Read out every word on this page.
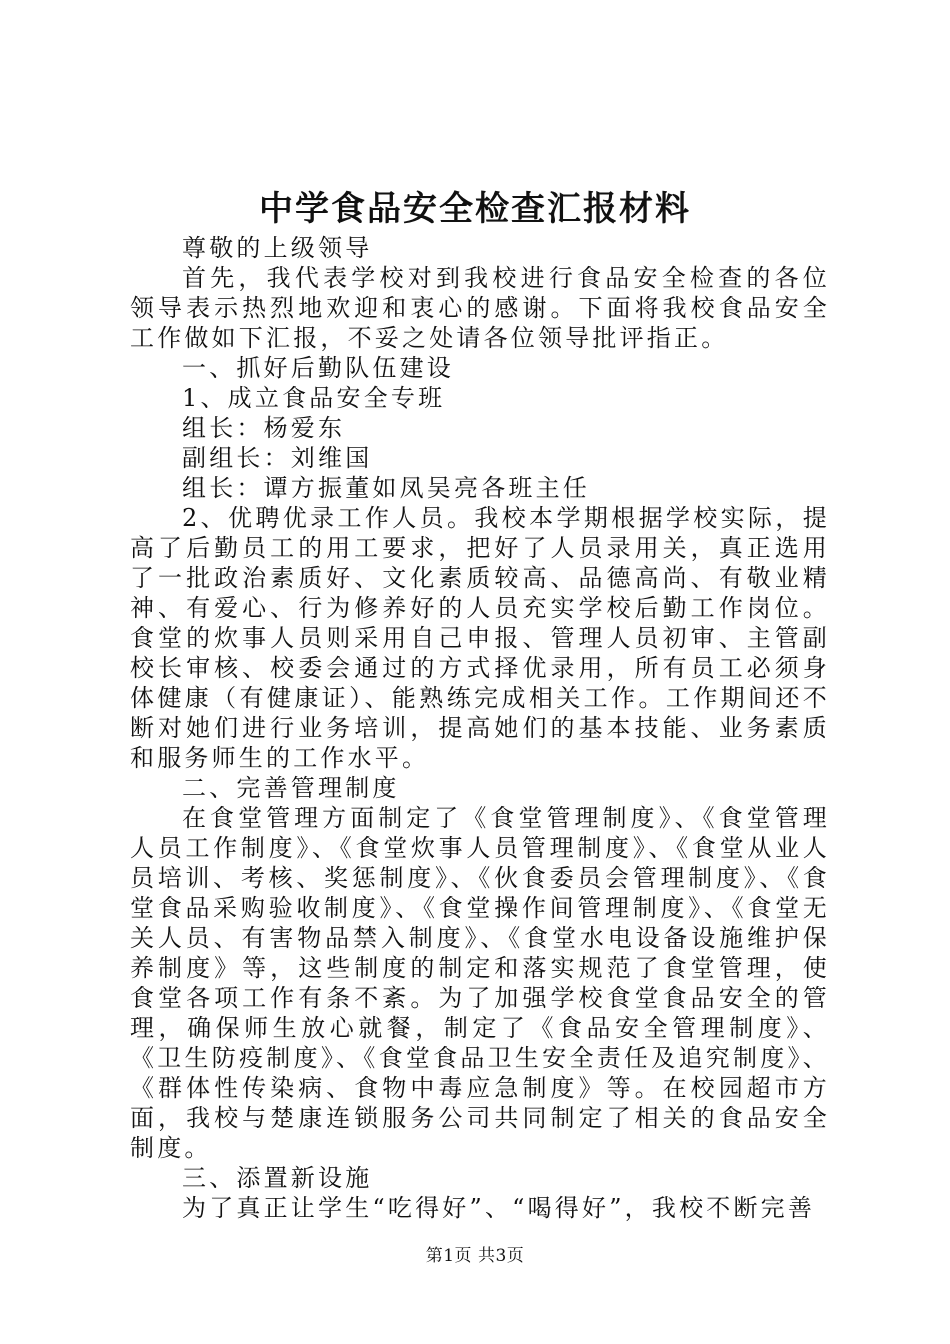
中学食品安全检查汇报材料

尊敬的上级领导

首先，我代表学校对到我校进行食品安全检查的各位领导表示热烈地欢迎和衷心的感谢。下面将我校食品安全工作做如下汇报，不妥之处请各位领导批评指正。

一、抓好后勤队伍建设

1、成立食品安全专班

组长：杨爱东

副组长：刘维国

组长：谭方振董如凤吴亮各班主任

2、优聘优录工作人员。我校本学期根据学校实际，提高了后勤员工的用工要求，把好了人员录用关，真正选用了一批政治素质好、文化素质较高、品德高尚、有敬业精神、有爱心、行为修养好的人员充实学校后勤工作岗位。食堂的炊事人员则采用自己申报、管理人员初审、主管副校长审核、校委会通过的方式择优录用，所有员工必须身体健康（有健康证）、能熟练完成相关工作。工作期间还不断对她们进行业务培训，提高她们的基本技能、业务素质和服务师生的工作水平。

二、完善管理制度

在食堂管理方面制定了《食堂管理制度》、《食堂管理人员工作制度》、《食堂炊事人员管理制度》、《食堂从业人员培训、考核、奖惩制度》、《伙食委员会管理制度》、《食堂食品采购验收制度》、《食堂操作间管理制度》、《食堂无关人员、有害物品禁入制度》、《食堂水电设备设施维护保养制度》等，这些制度的制定和落实规范了食堂管理，使食堂各项工作有条不紊。为了加强学校食堂食品安全的管理，确保师生放心就餐，制定了《食品安全管理制度》、《卫生防疫制度》、《食堂食品卫生安全责任及追究制度》、《群体性传染病、食物中毒应急制度》等。在校园超市方面，我校与楚康连锁服务公司共同制定了相关的食品安全制度。

三、添置新设施

为了真正让学生“吃得好”、“喝得好”，我校不断完善

第1页 共3页
